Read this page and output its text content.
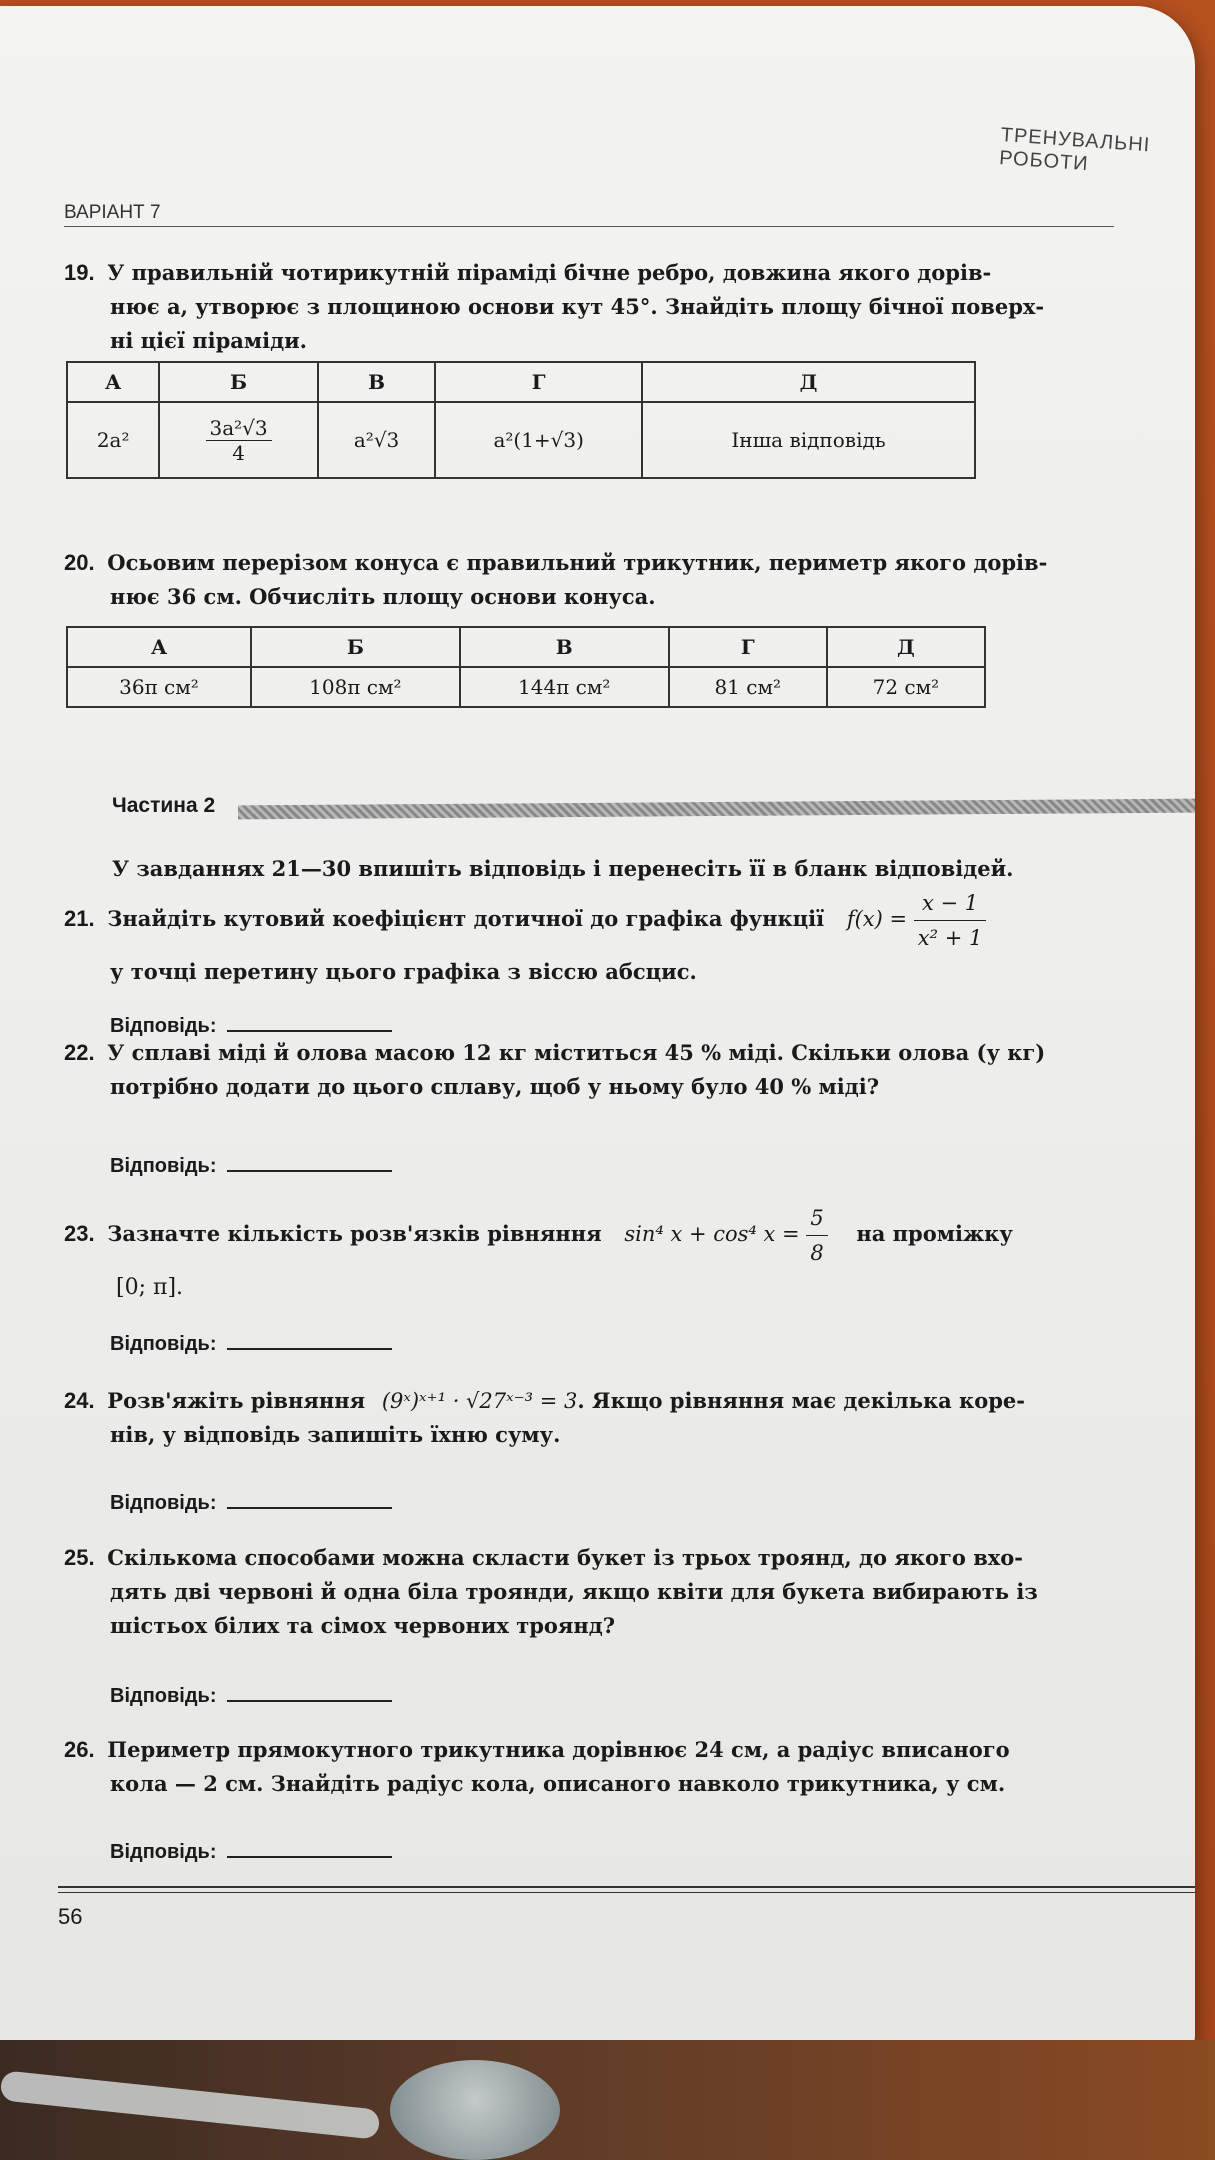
ТРЕНУВАЛЬНІ РОБОТИ
ВАРІАНТ 7
19. У правильній чотирикутній піраміді бічне ребро, довжина якого дорів-
нює a, утворює з площиною основи кут 45°. Знайдіть площу бічної поверх-
ні цієї піраміди.
А	Б	В	Г	Д
2a²	$\frac{\text{3a²√3}}{4}$	a²√3	a²(1+√3)	Інша відповідь
20. Осьовим перерізом конуса є правильний трикутник, периметр якого дорів-
нює 36 см. Обчисліть площу основи конуса.
А	Б	В	Г	Д
36π см²	108π см²	144π см²	81 см²	72 см²
Частина 2
У завданнях 21—30 впишіть відповідь і перенесіть її в бланк відповідей.
21. Знайдіть кутовий коефіцієнт дотичної до графіка функції $f(x) = \frac{x - 1}{\text{x² + 1}}$

у точці перетину цього графіка з віссю абсцис.
Відповідь:
22. У сплаві міді й олова масою 12 кг міститься 45 % міді. Скільки олова (у кг)
потрібно додати до цього сплаву, щоб у ньому було 40 % міді?
Відповідь:
23. Зазначте кількість розв'язків рівняння sin⁴ x + cos⁴ $x = \frac{5}{8}$ на проміжку
[0; π].
Відповідь:
24. Розв'яжіть рівняння (9ˣ)ˣ⁺¹ · √27ˣ⁻³ = 3. Якщо рівняння має декілька коре-
нів, у відповідь запишіть їхню суму.
Відповідь:
25. Скількома способами можна скласти букет із трьох троянд, до якого вхо-
дять дві червоні й одна біла троянди, якщо квіти для букета вибирають із
шістьох білих та сімох червоних троянд?
Відповідь:
26. Периметр прямокутного трикутника дорівнює 24 см, а радіус вписаного
кола — 2 см. Знайдіть радіус кола, описаного навколо трикутника, у см.
Відповідь:
56
